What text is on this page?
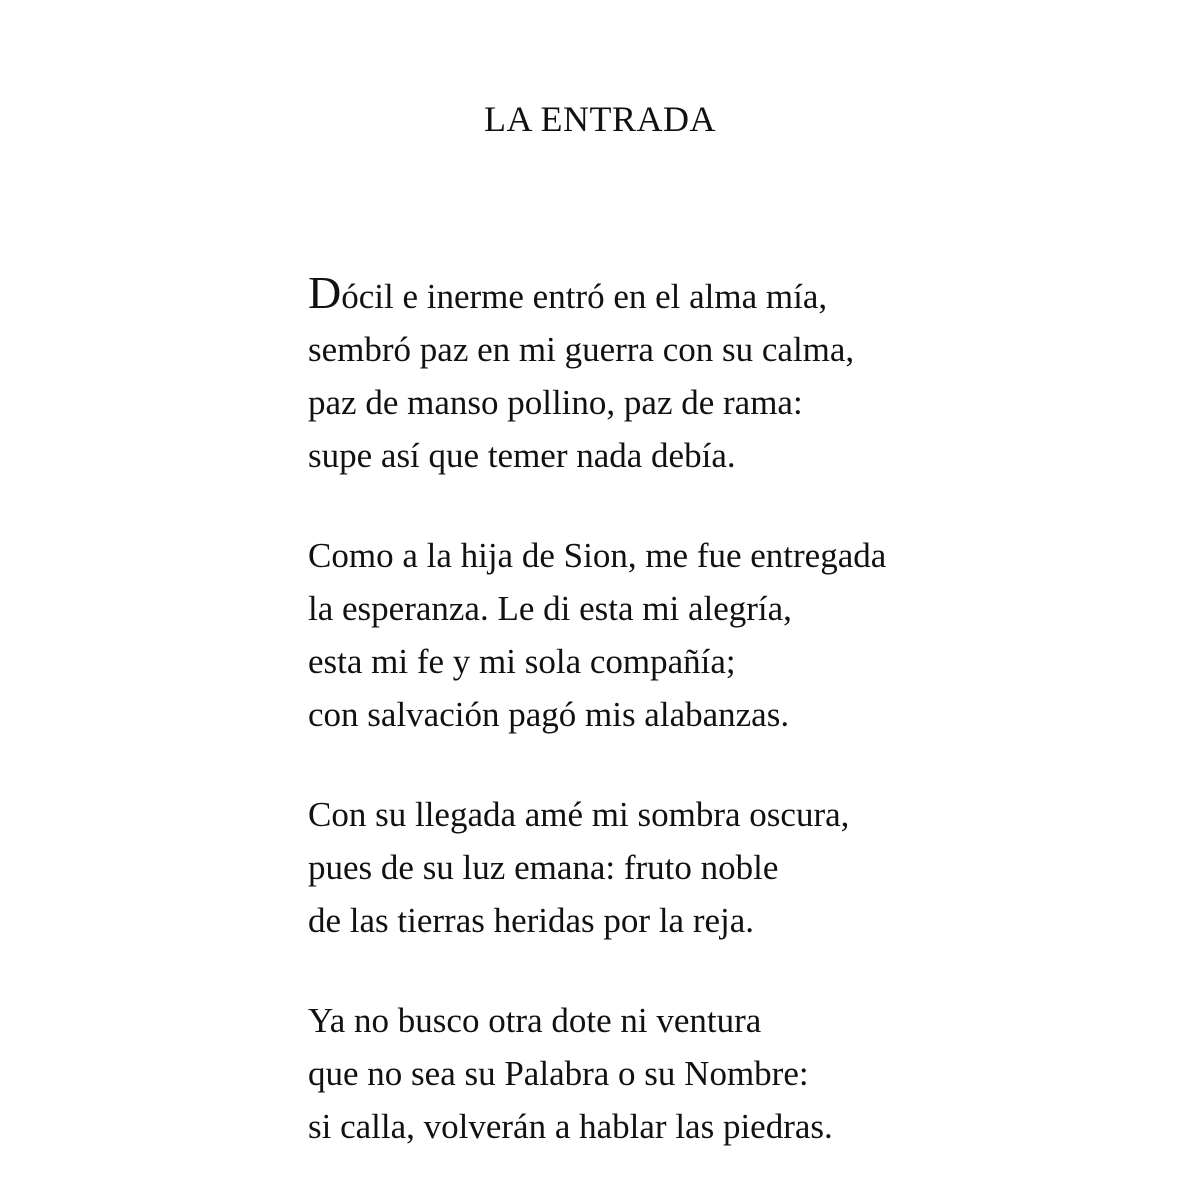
LA ENTRADA
Dócil e inerme entró en el alma mía,
sembró paz en mi guerra con su calma,
paz de manso pollino, paz de rama:
supe así que temer nada debía.
Como a la hija de Sion, me fue entregada
la esperanza. Le di esta mi alegría,
esta mi fe y mi sola compañía;
con salvación pagó mis alabanzas.
Con su llegada amé mi sombra oscura,
pues de su luz emana: fruto noble
de las tierras heridas por la reja.
Ya no busco otra dote ni ventura
que no sea su Palabra o su Nombre:
si calla, volverán a hablar las piedras.
